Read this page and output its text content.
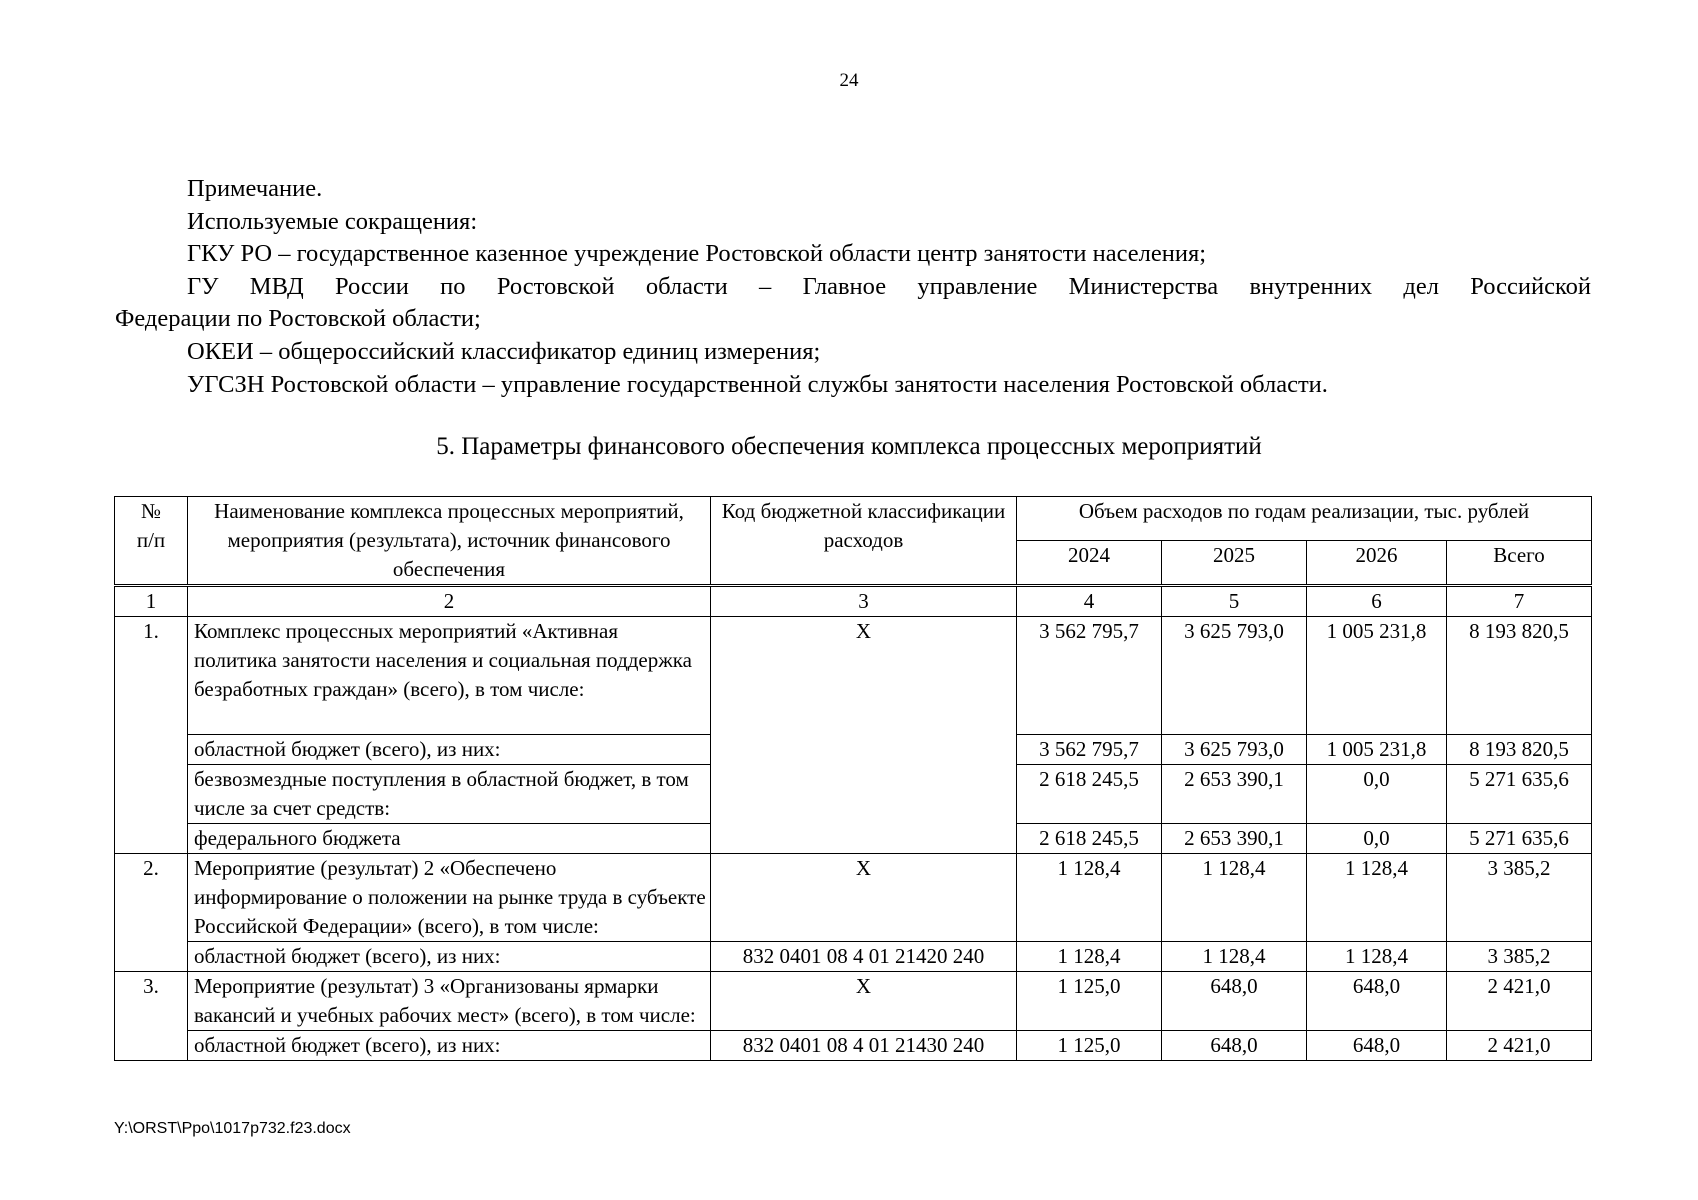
24

Примечание.

Используемые сокращения:

ГКУ РО – государственное казенное учреждение Ростовской области центр занятости населения;

ГУ МВД России по Ростовской области – Главное управление Министерства внутренних дел Российской

Федерации по Ростовской области;

ОКЕИ – общероссийский классификатор единиц измерения;

УГСЗН Ростовской области – управление государственной службы занятости населения Ростовской области.

5. Параметры финансового обеспечения комплекса процессных мероприятий
№
п/п	Наименование комплекса процессных мероприятий, мероприятия (результата), источник финансового обеспечения	Код бюджетной классификации расходов	Объем расходов по годам реализации, тыс. рублей			
			2024	2025	2026	Всего
1	2	3	4	5	6	7
1.	Комплекс процессных мероприятий «Активная политика занятости населения и социальная поддержка безработных граждан» (всего), в том числе:	X	3 562 795,7	3 625 793,0	1 005 231,8	8 193 820,5
	областной бюджет (всего), из них:		3 562 795,7	3 625 793,0	1 005 231,8	8 193 820,5
	безвозмездные поступления в областной бюджет, в том числе за счет средств:		2 618 245,5	2 653 390,1	0,0	5 271 635,6
	федерального бюджета		2 618 245,5	2 653 390,1	0,0	5 271 635,6
2.	Мероприятие (результат) 2 «Обеспечено информирование о положении на рынке труда в субъекте Российской Федерации» (всего), в том числе:	X	1 128,4	1 128,4	1 128,4	3 385,2
	областной бюджет (всего), из них:	832 0401 08 4 01 21420 240	1 128,4	1 128,4	1 128,4	3 385,2
3.	Мероприятие (результат) 3 «Организованы ярмарки вакансий и учебных рабочих мест» (всего), в том числе:	X	1 125,0	648,0	648,0	2 421,0
	областной бюджет (всего), из них:	832 0401 08 4 01 21430 240	1 125,0	648,0	648,0	2 421,0
Y:\ORST\Ppo\1017p732.f23.docx
